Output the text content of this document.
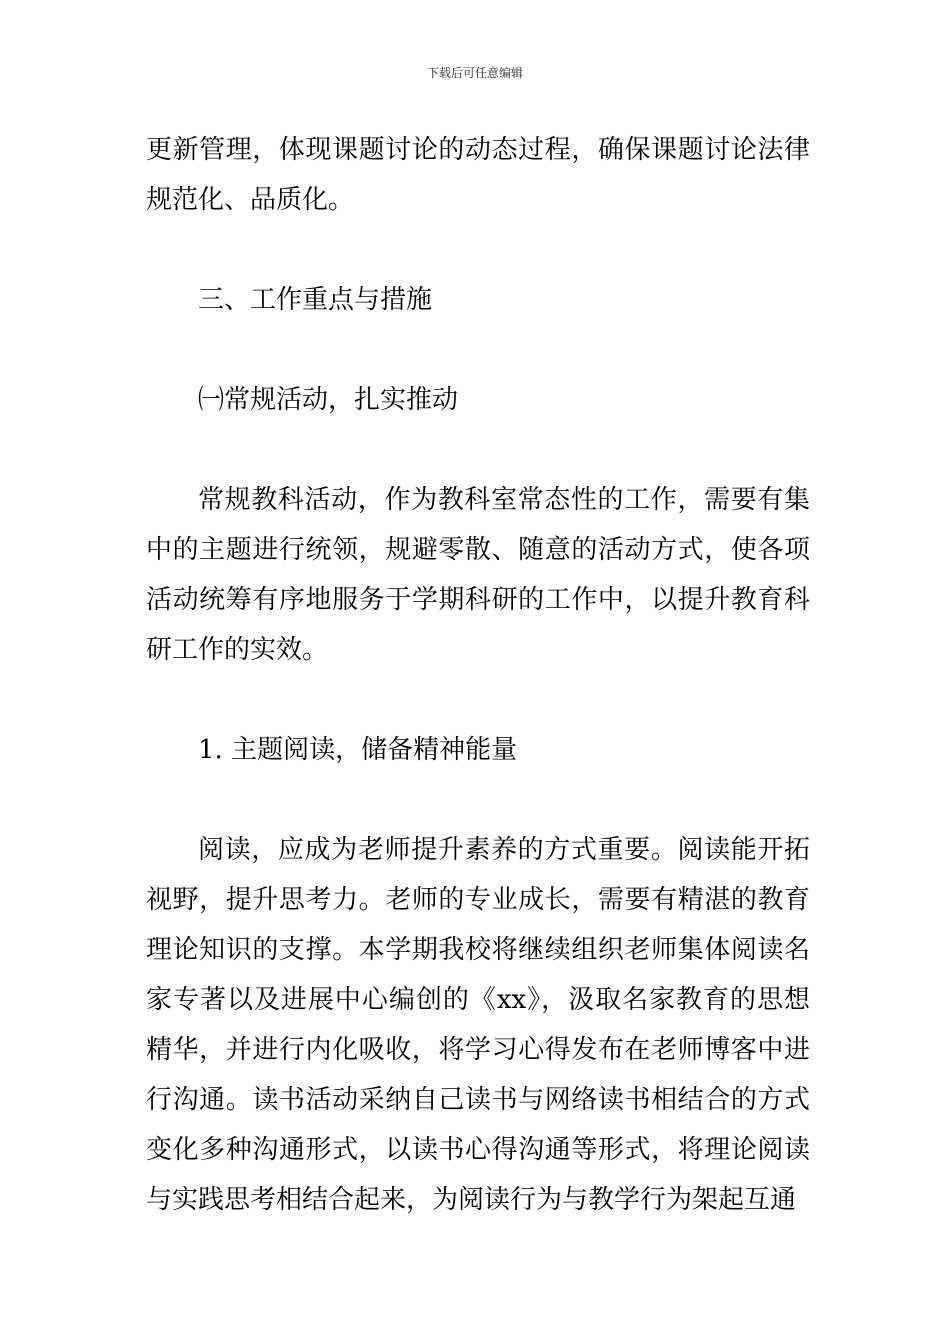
下载后可任意编辑

更新管理，体现课题讨论的动态过程，确保课题讨论法律规范化、品质化。

三、工作重点与措施

㈠常规活动，扎实推动

常规教科活动，作为教科室常态性的工作，需要有集中的主题进行统领，规避零散、随意的活动方式，使各项活动统筹有序地服务于学期科研的工作中，以提升教育科研工作的实效。

1. 主题阅读，储备精神能量

阅读，应成为老师提升素养的方式重要。阅读能开拓视野，提升思考力。老师的专业成长，需要有精湛的教育理论知识的支撑。本学期我校将继续组织老师集体阅读名家专著以及进展中心编创的《xx》，汲取名家教育的思想精华，并进行内化吸收，将学习心得发布在老师博客中进行沟通。读书活动采纳自己读书与网络读书相结合的方式变化多种沟通形式，以读书心得沟通等形式，将理论阅读与实践思考相结合起来，为阅读行为与教学行为架起互通
